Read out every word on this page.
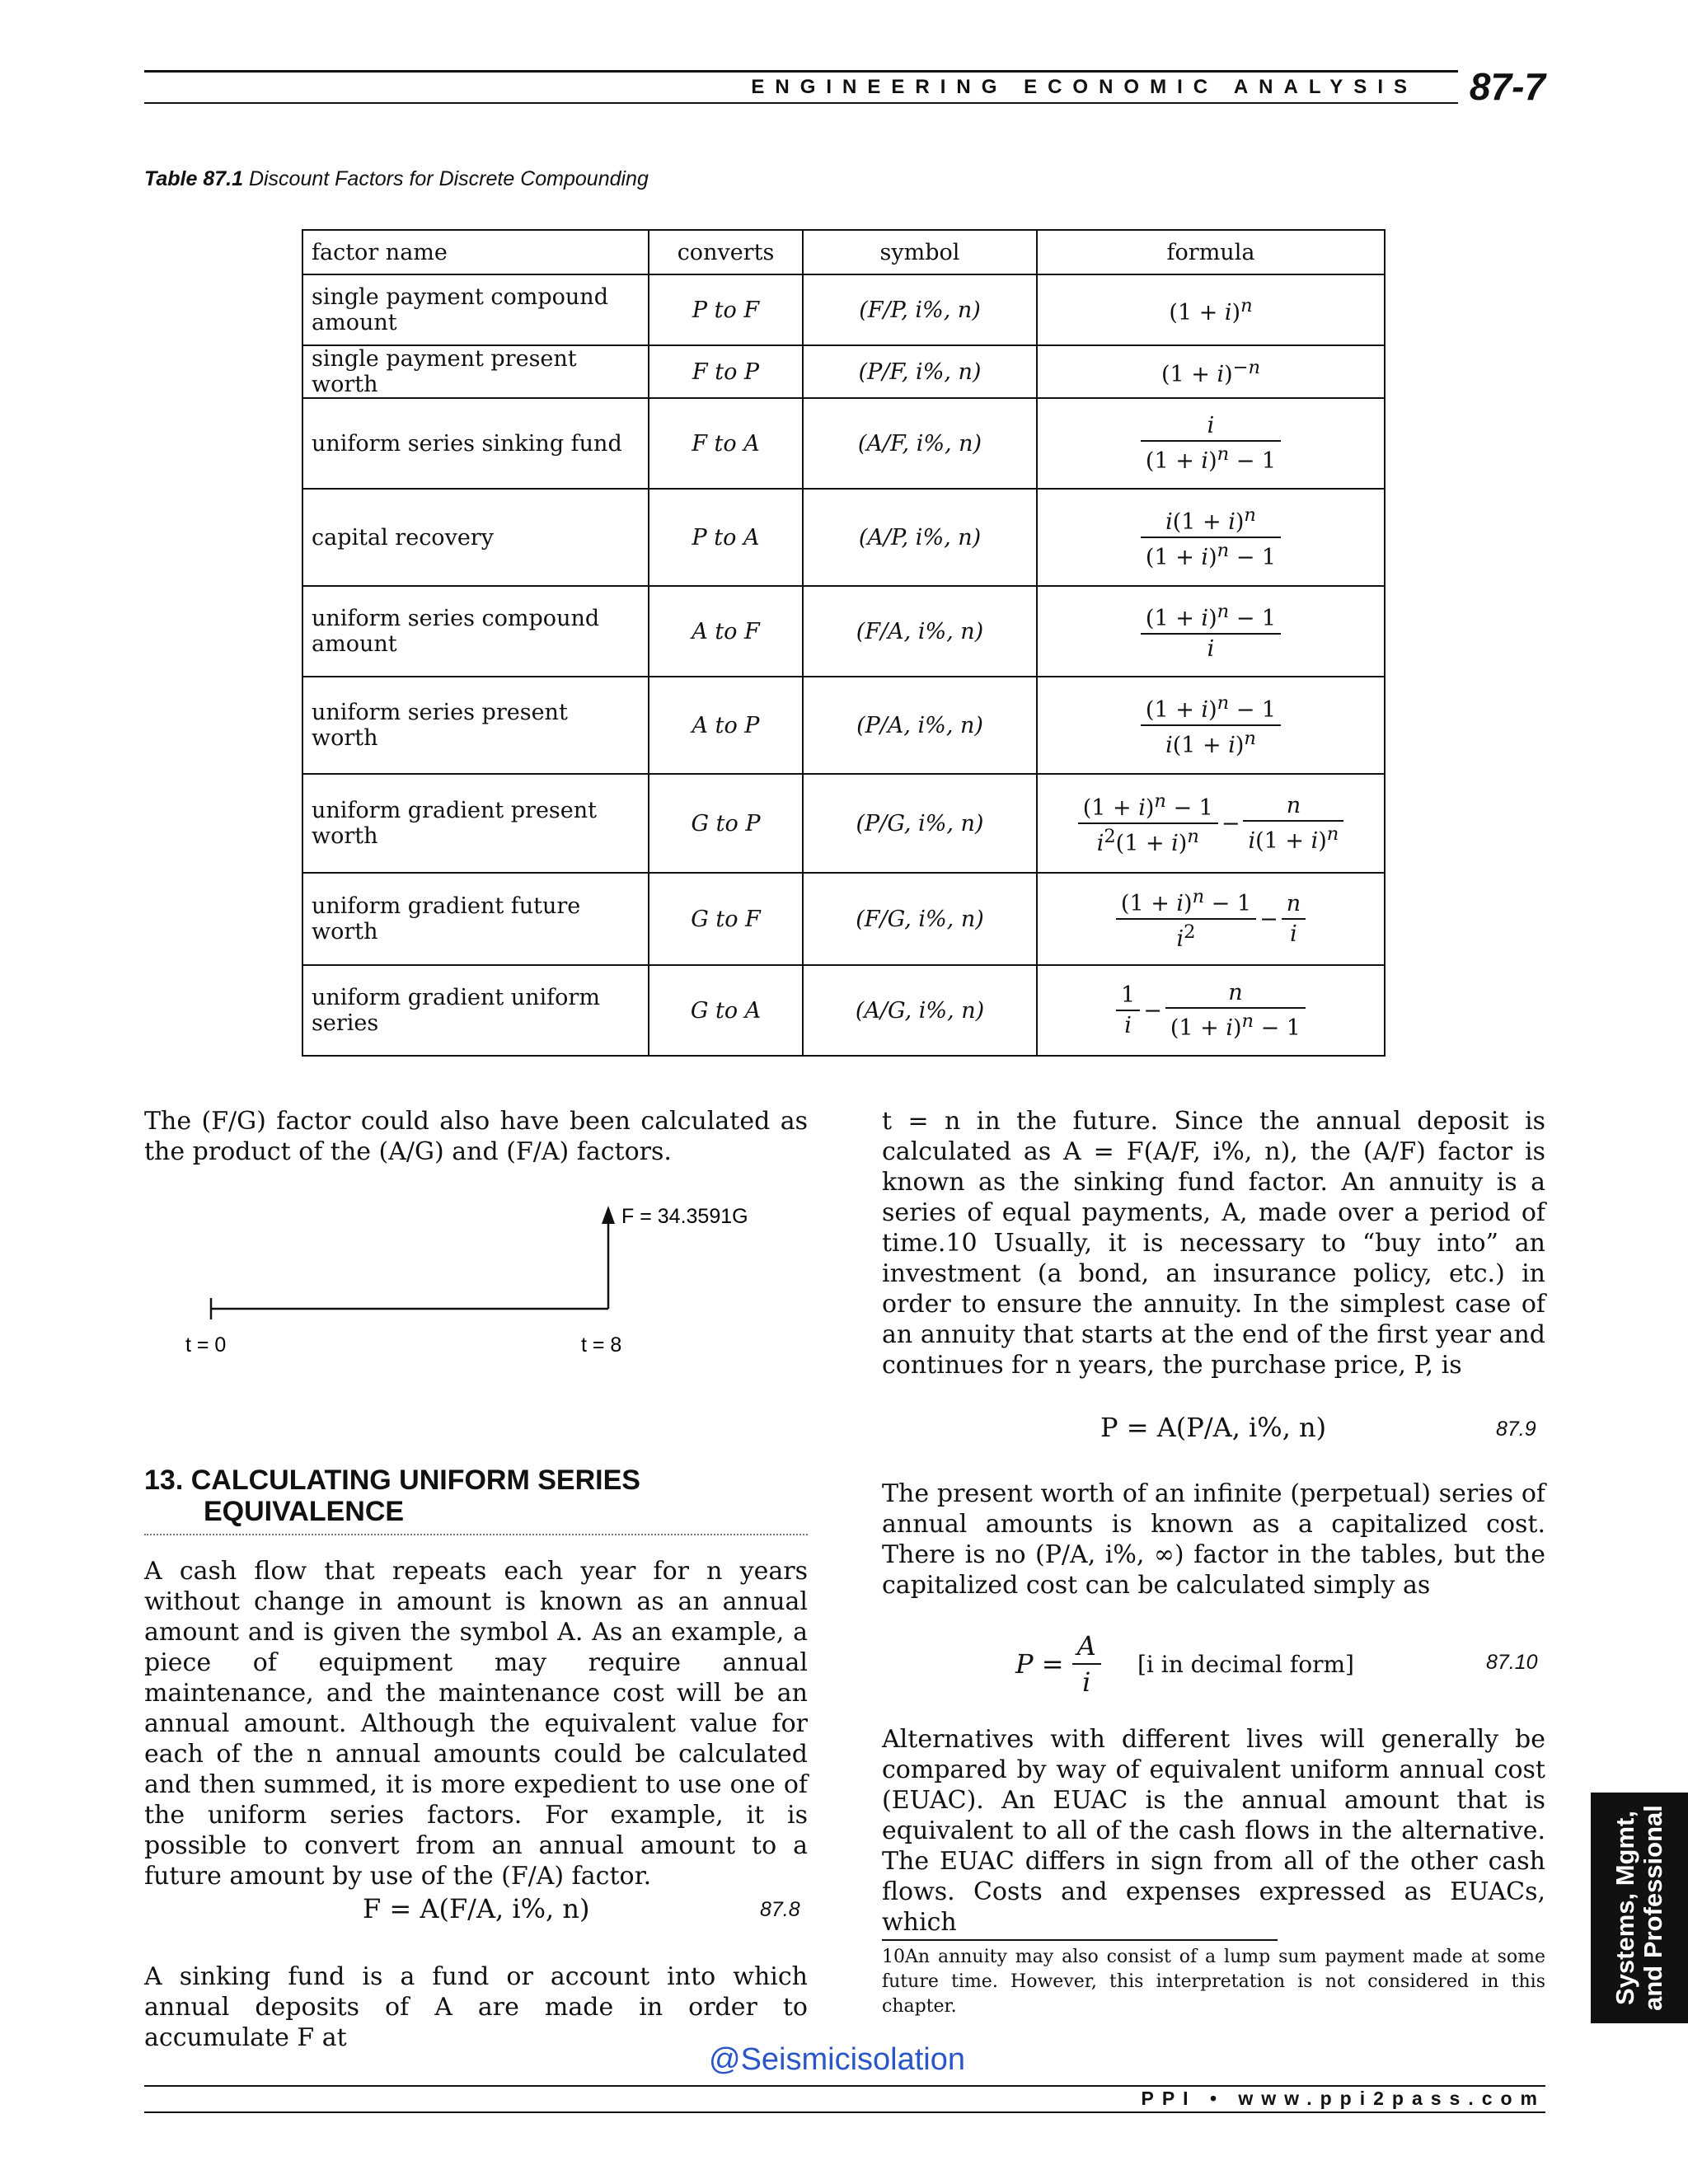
ENGINEERING ECONOMIC ANALYSIS	87-7
Table 87.1 Discount Factors for Discrete Compounding
factor name	converts	symbol	formula
single payment compound amount	P to F	(F/P, i%, n)	$(1 + i)^n$
single payment present worth	F to P	(P/F, i%, n)	$(1 + i)^{-n}$
uniform series sinking fund	F to A	(A/F, i%, n)	$\frac{i}{(1 + i)^n - 1}$

capital recovery	P to A	(A/P, i%, n)	$\frac{i(1 + i)^n}{(1 + i)^n - 1}$

uniform series compound amount	A to F	(F/A, i%, n)	$\frac{(1 + i)^n - 1}{i}$

uniform series present worth	A to P	(P/A, i%, n)	$\frac{(1 + i)^n - 1}{i(1 + i)^n}$

uniform gradient present worth	G to P	(P/G, i%, n)	$\frac{(1 + i)^n - 1}{i^2(1 + i)^n} - \frac{n}{i(1 + i)^n}$

uniform gradient future worth	G to F	(F/G, i%, n)	$\frac{(1 + i)^n - 1}{i^2} - \frac{n}{i}$

uniform gradient uniform series	G to A	(A/G, i%, n)	$\frac{1}{i} - \frac{n}{(1 + i)^n - 1}$
The (F/G) factor could also have been calculated as the product of the (A/G) and (F/A) factors.
F = 34.3591G
t = 0	t = 8
13. CALCULATING UNIFORM SERIES
EQUIVALENCE
A cash flow that repeats each year for n years without change in amount is known as an annual amount and is given the symbol A. As an example, a piece of equipment may require annual maintenance, and the maintenance cost will be an annual amount. Although the equivalent value for each of the n annual amounts could be calculated and then summed, it is more expedient to use one of the uniform series factors. For example, it is possible to convert from an annual amount to a future amount by use of the (F/A) factor.
F = A(F/A, i%, n)	87.8
A sinking fund is a fund or account into which annual deposits of A are made in order to accumulate F at
t = n in the future. Since the annual deposit is calculated as A = F(A/F, i%, n), the (A/F) factor is known as the sinking fund factor. An annuity is a series of equal payments, A, made over a period of time.10 Usually, it is necessary to “buy into” an investment (a bond, an insurance policy, etc.) in order to ensure the annuity. In the simplest case of an annuity that starts at the end of the first year and continues for n years, the purchase price, P, is
P = A(P/A, i%, n)	87.9
The present worth of an infinite (perpetual) series of annual amounts is known as a capitalized cost. There is no (P/A, i%, ∞) factor in the tables, but the capitalized cost can be calculated simply as
$P = \frac{A}{i} [i$ in decimal form]	87.10
Alternatives with different lives will generally be compared by way of equivalent uniform annual cost (EUAC). An EUAC is the annual amount that is equivalent to all of the cash flows in the alternative. The EUAC differs in sign from all of the other cash flows. Costs and expenses expressed as EUACs, which
10An annuity may also consist of a lump sum payment made at some future time. However, this interpretation is not considered in this chapter.
@Seismicisolation
PPI • www.ppi2pass.com
Systems, Mgmt, and Professional
